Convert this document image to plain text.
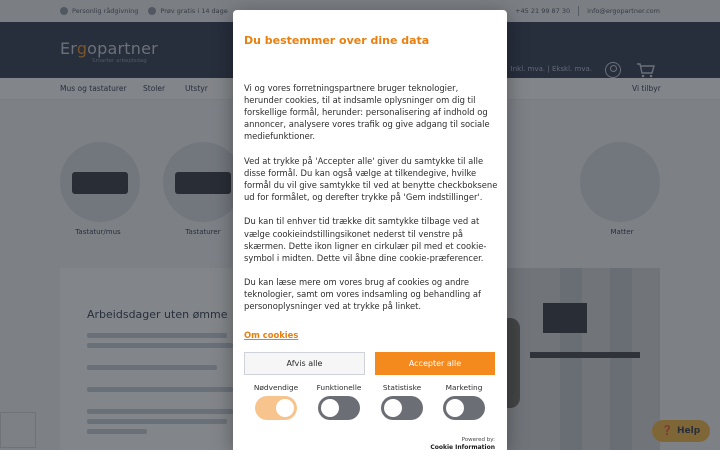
Du bestemmer over dine data

Vi og vores forretningspartnere bruger teknologier, herunder cookies, til at indsamle oplysninger om dig til forskellige formål, herunder: personalisering af indhold og annoncer, analysere vores trafik og give adgang til sociale mediefunktioner.

Ved at trykke på 'Accepter alle' giver du samtykke til alle disse formål. Du kan også vælge at tilkendegive, hvilke formål du vil give samtykke til ved at benytte checkboksene ud for formålet, og derefter trykke på 'Gem indstillinger'.

Du kan til enhver tid trække dit samtykke tilbage ved at vælge cookieindstillingsikonet nederst til venstre på skærmen. Dette ikon ligner en cirkulær pil med et cookie-symbol i midten. Dette vil åbne dine cookie-præferencer.

Du kan læse mere om vores brug af cookies og andre teknologier, samt om vores indsamling og behandling af personoplysninger ved at trykke på linket.

Om cookies
Afvis alle	Accepter alle
Nødvendige	Funktionelle	Statistiske	Marketing
Powered by:
Cookie Information
